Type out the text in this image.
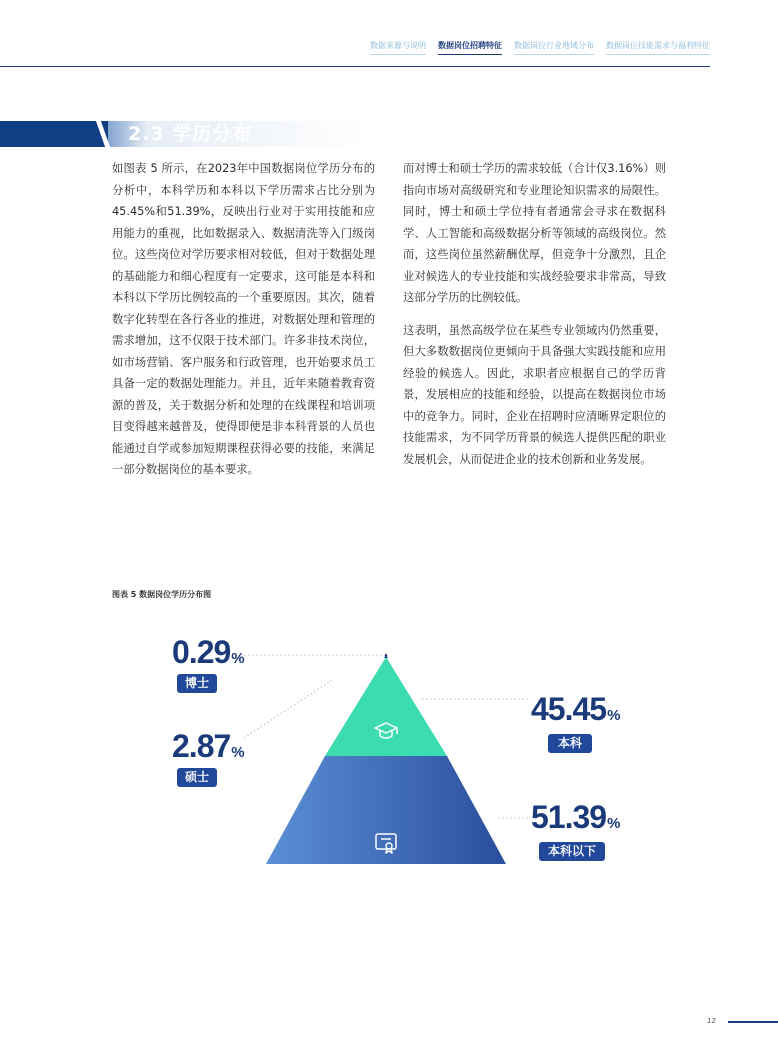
数据来源与说明 数据岗位招聘特征 数据岗位行业地域分布 数据岗位技能需求与福利特征
2.3 学历分布

如图表 5 所示，在2023年中国数据岗位学历分布的分析中，本科学历和本科以下学历需求占比分别为45.45%和51.39%，反映出行业对于实用技能和应用能力的重视，比如数据录入、数据清洗等入门级岗位。这些岗位对学历要求相对较低，但对于数据处理的基础能力和细心程度有一定要求，这可能是本科和本科以下学历比例较高的一个重要原因。其次，随着数字化转型在各行各业的推进，对数据处理和管理的需求增加，这不仅限于技术部门。许多非技术岗位，如市场营销、客户服务和行政管理，也开始要求员工具备一定的数据处理能力。并且，近年来随着教育资源的普及，关于数据分析和处理的在线课程和培训项目变得越来越普及，使得即便是非本科背景的人员也能通过自学或参加短期课程获得必要的技能，来满足一部分数据岗位的基本要求。

而对博士和硕士学历的需求较低（合计仅3.16%）则指向市场对高级研究和专业理论知识需求的局限性。同时，博士和硕士学位持有者通常会寻求在数据科学、人工智能和高级数据分析等领域的高级岗位。然而，这些岗位虽然薪酬优厚，但竞争十分激烈，且企业对候选人的专业技能和实战经验要求非常高，导致这部分学历的比例较低。

这表明，虽然高级学位在某些专业领域内仍然重要，但大多数数据岗位更倾向于具备强大实践技能和应用经验的候选人。因此，求职者应根据自己的学历背景，发展相应的技能和经验，以提高在数据岗位市场中的竞争力。同时，企业在招聘时应清晰界定职位的技能需求，为不同学历背景的候选人提供匹配的职业发展机会，从而促进企业的技术创新和业务发展。

图表 5 数据岗位学历分布图
0.29%
博士
2.87%
硕士
45.45%
本科
51.39%
本科以下
12
